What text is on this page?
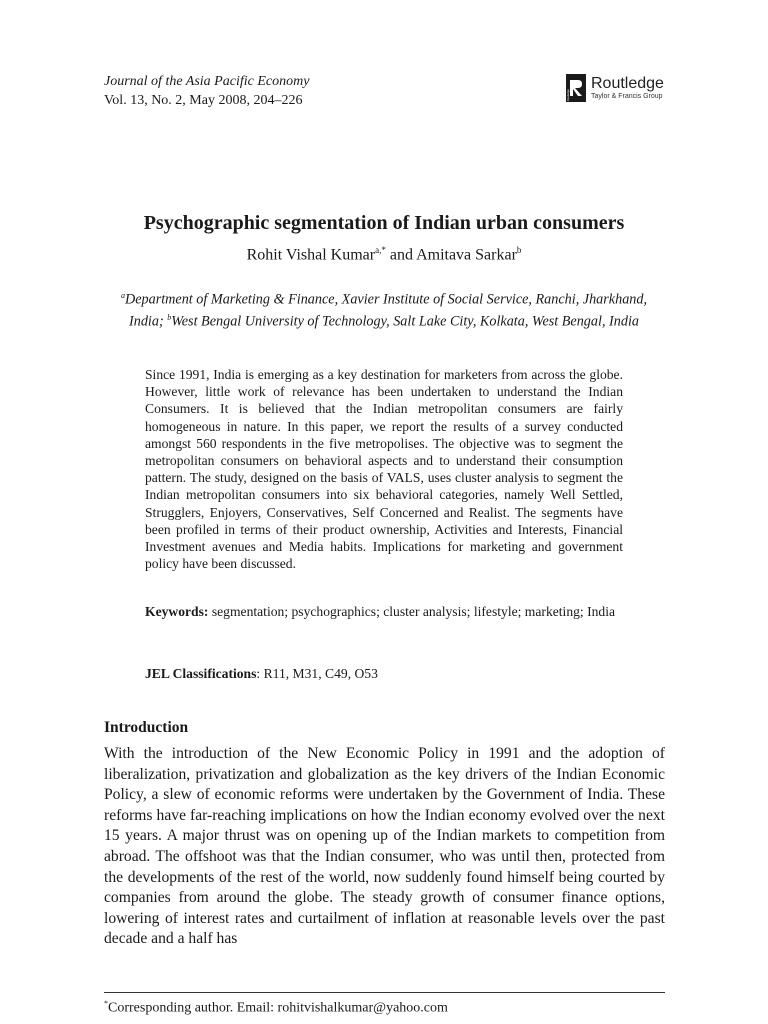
Journal of the Asia Pacific Economy
Vol. 13, No. 2, May 2008, 204–226	Routledge
Routledge
Taylor & Francis Group
Psychographic segmentation of Indian urban consumers
Rohit Vishal Kumar$^{a,*}$ and Amitava Sarkar$^b$
$^a$Department of Marketing & Finance, Xavier Institute of Social Service, Ranchi, Jharkhand, India; $^b$West Bengal University of Technology, Salt Lake City, Kolkata, West Bengal, India
Since 1991, India is emerging as a key destination for marketers from across the globe. However, little work of relevance has been undertaken to understand the Indian Consumers. It is believed that the Indian metropolitan consumers are fairly homogeneous in nature. In this paper, we report the results of a survey conducted amongst 560 respondents in the five metropolises. The objective was to segment the metropolitan consumers on behavioral aspects and to understand their consumption pattern. The study, designed on the basis of VALS, uses cluster analysis to segment the Indian metropolitan consumers into six behavioral categories, namely Well Settled, Strugglers, Enjoyers, Conservatives, Self Concerned and Realist. The segments have been profiled in terms of their product ownership, Activities and Interests, Financial Investment avenues and Media habits. Implications for marketing and government policy have been discussed.
Keywords: segmentation; psychographics; cluster analysis; lifestyle; marketing; India
JEL Classifications: R11, M31, C49, O53
Introduction
With the introduction of the New Economic Policy in 1991 and the adoption of liberalization, privatization and globalization as the key drivers of the Indian Economic Policy, a slew of economic reforms were undertaken by the Government of India. These reforms have far-reaching implications on how the Indian economy evolved over the next 15 years. A major thrust was on opening up of the Indian markets to competition from abroad. The offshoot was that the Indian consumer, who was until then, protected from the developments of the rest of the world, now suddenly found himself being courted by companies from around the globe. The steady growth of consumer finance options, lowering of interest rates and curtailment of inflation at reasonable levels over the past decade and a half has
*Corresponding author. Email: rohitvishalkumar@yahoo.com
